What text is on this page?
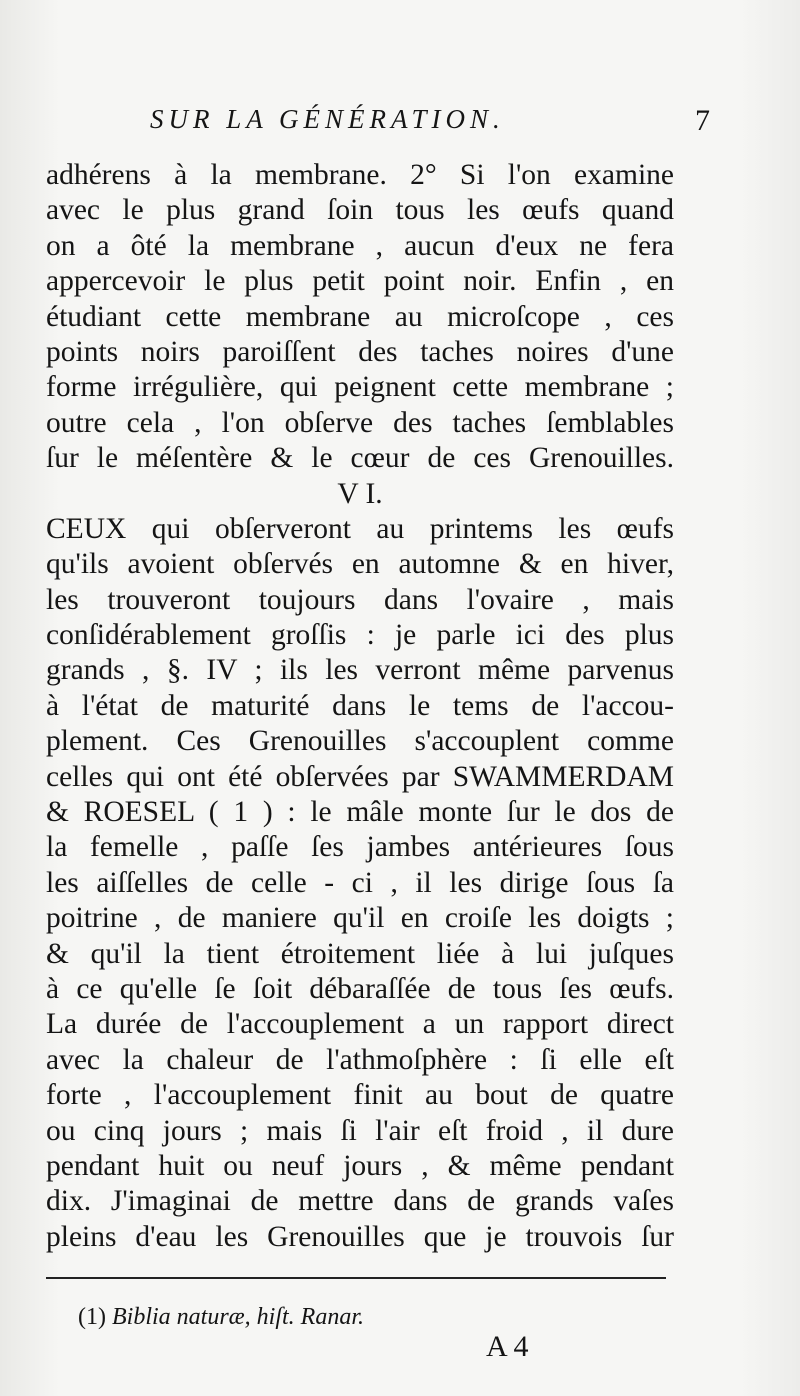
SUR LA GÉNÉRATION.	7
adhérens à la membrane. 2° Si l'on examine
avec le plus grand ſoin tous les œufs quand
on a ôté la membrane , aucun d'eux ne fera
appercevoir le plus petit point noir. Enfin , en
étudiant cette membrane au microſcope , ces
points noirs paroiſſent des taches noires d'une
forme irrégulière, qui peignent cette membrane ;
outre cela , l'on obſerve des taches ſemblables
ſur le méſentère & le cœur de ces Grenouilles.
V I.
CEUX qui obſerveront au printems les œufs
qu'ils avoient obſervés en automne & en hiver,
les trouveront toujours dans l'ovaire , mais
conſidérablement groſſis : je parle ici des plus
grands , §. IV ; ils les verront même parvenus
à l'état de maturité dans le tems de l'accou-
plement. Ces Grenouilles s'accouplent comme
celles qui ont été obſervées par SWAMMERDAM
& ROESEL ( 1 ) : le mâle monte ſur le dos de
la femelle , paſſe ſes jambes antérieures ſous
les aiſſelles de celle - ci , il les dirige ſous ſa
poitrine , de maniere qu'il en croiſe les doigts ;
& qu'il la tient étroitement liée à lui juſques
à ce qu'elle ſe ſoit débaraſſée de tous ſes œufs.
La durée de l'accouplement a un rapport direct
avec la chaleur de l'athmoſphère : ſi elle eſt
forte , l'accouplement finit au bout de quatre
ou cinq jours ; mais ſi l'air eſt froid , il dure
pendant huit ou neuf jours , & même pendant
dix. J'imaginai de mettre dans de grands vaſes
pleins d'eau les Grenouilles que je trouvois ſur
(1) Biblia naturæ, hiſt. Ranar.
A 4
